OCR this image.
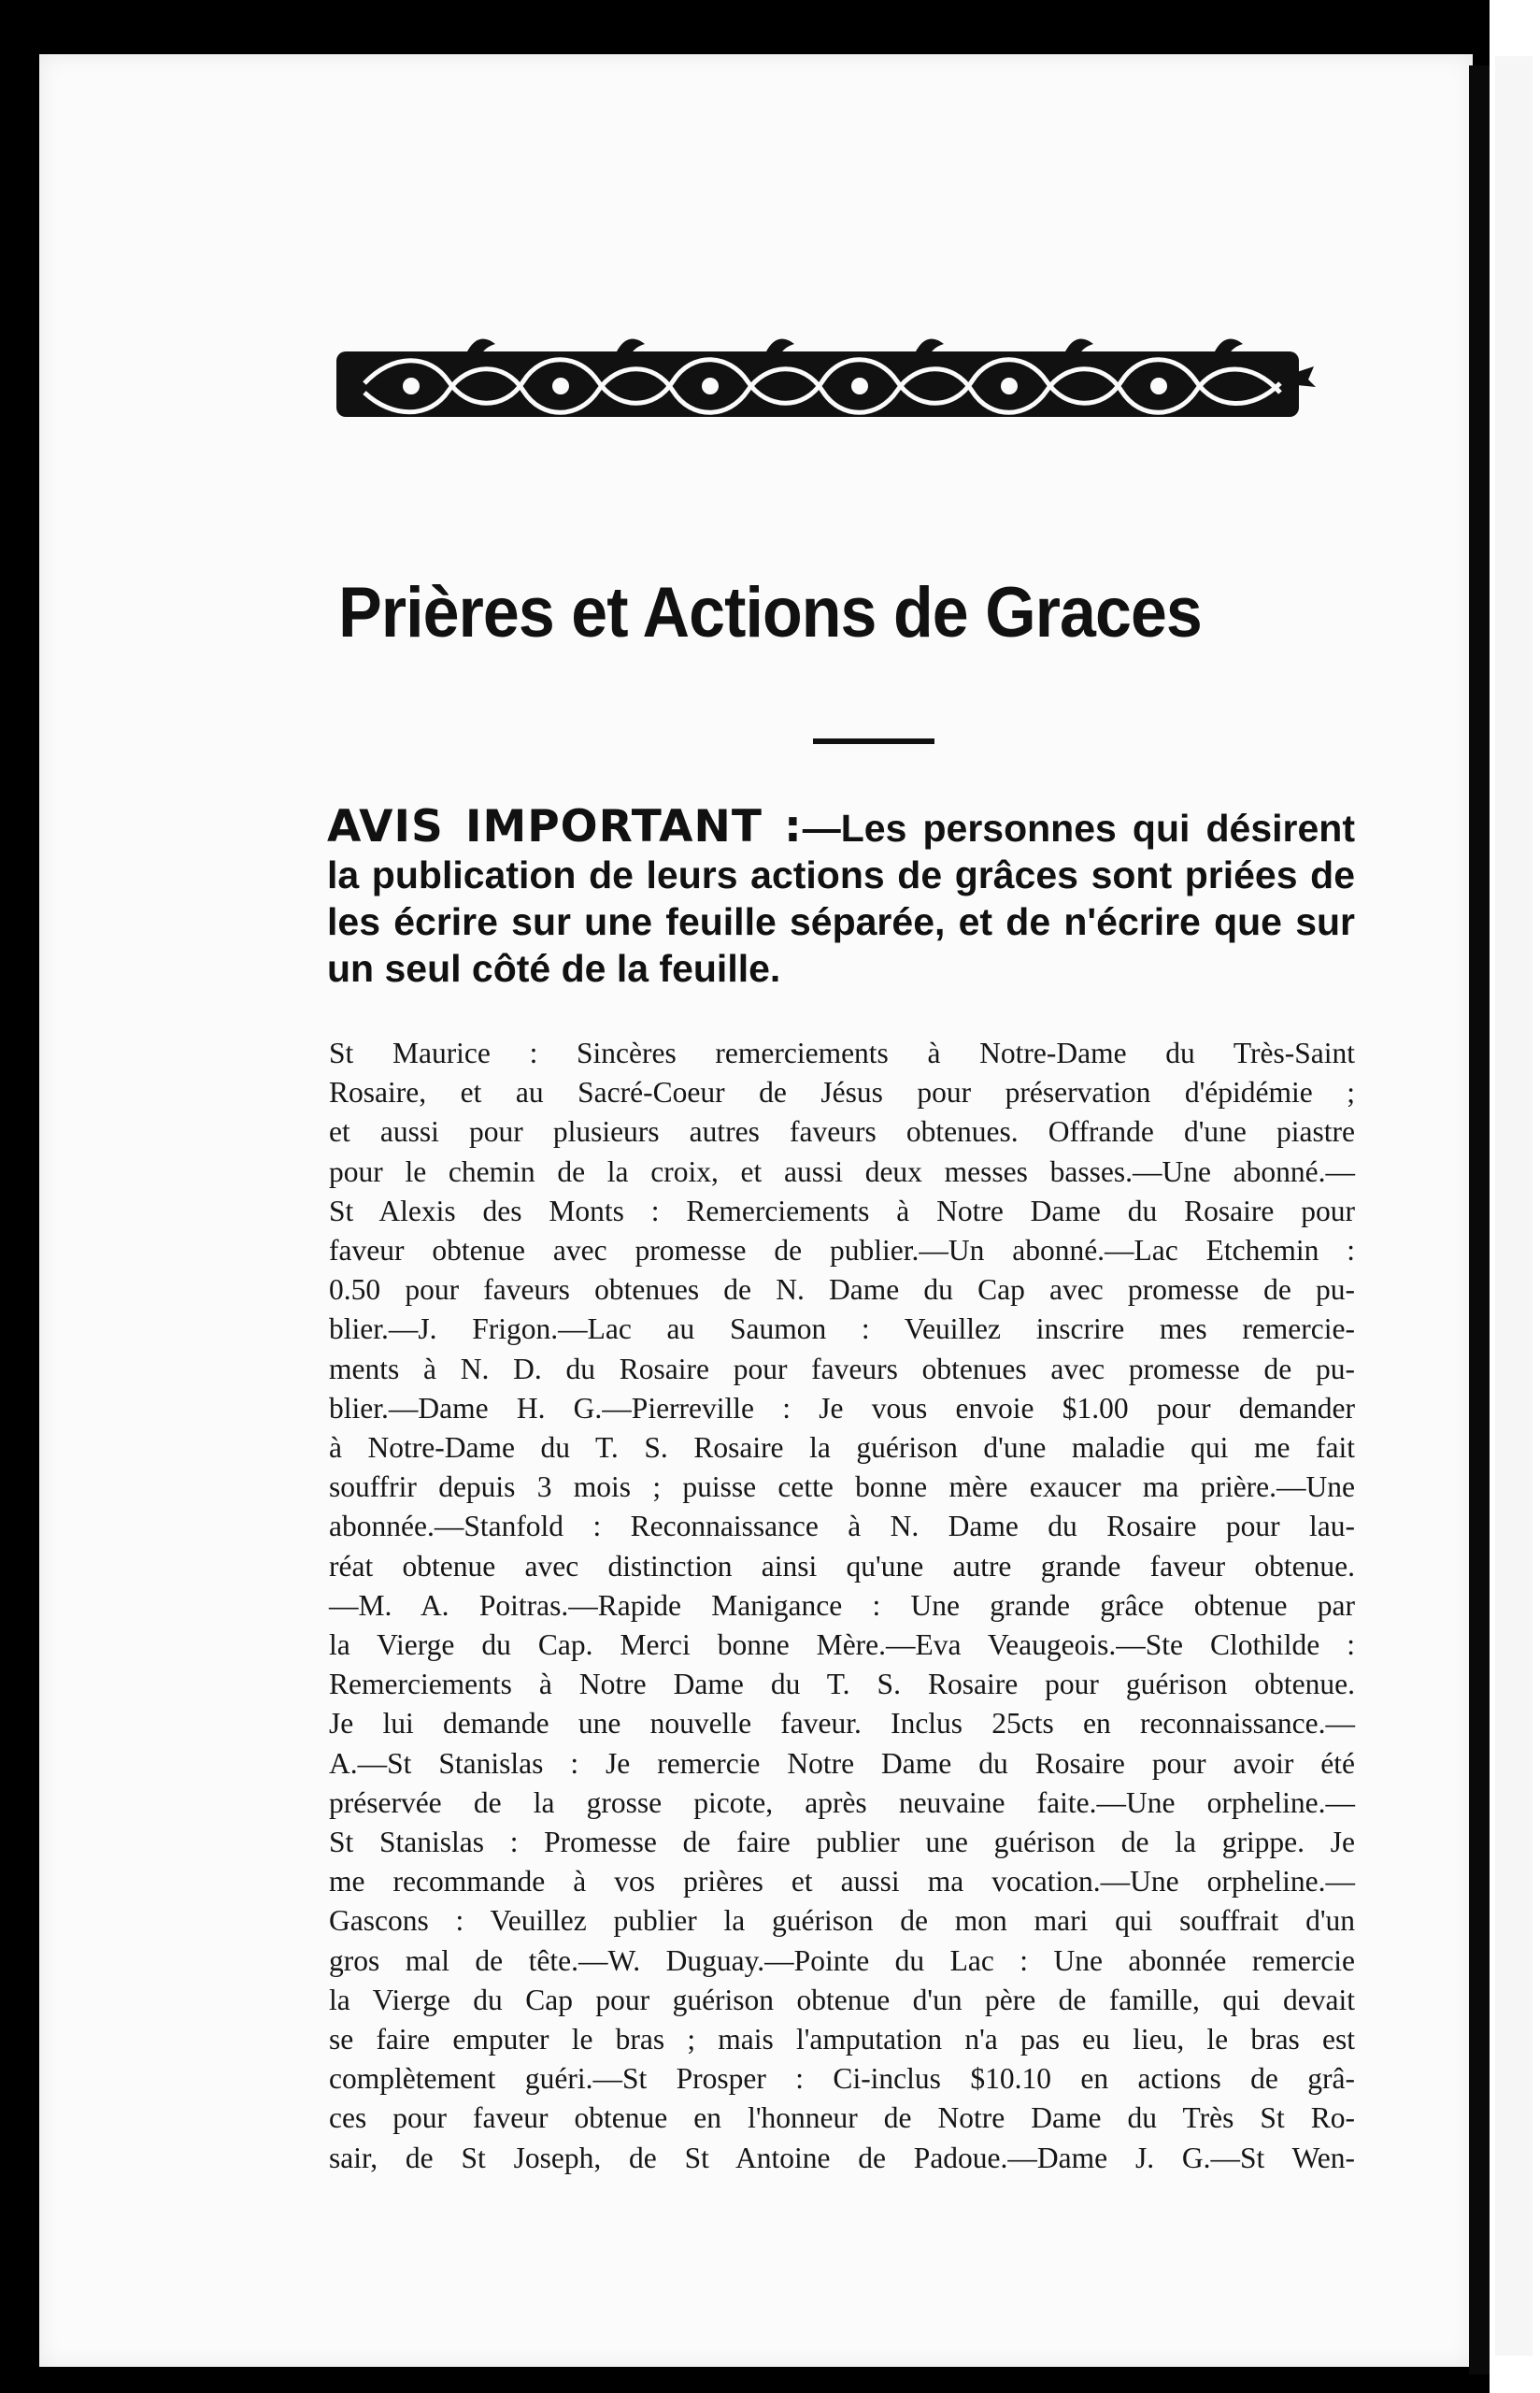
Prières et Actions de Graces
AVIS IMPORTANT :—Les personnes qui désirent la publication de leurs actions de grâces sont priées de les écrire sur une feuille séparée, et de n'écrire que sur un seul côté de la feuille.
St Maurice : Sincères remerciements à Notre-Dame du Très-Saint
Rosaire, et au Sacré-Coeur de Jésus pour préservation d'épidémie ;
et aussi pour plusieurs autres faveurs obtenues. Offrande d'une piastre
pour le chemin de la croix, et aussi deux messes basses.—Une abonné.—
St Alexis des Monts : Remerciements à Notre Dame du Rosaire pour
faveur obtenue avec promesse de publier.—Un abonné.—Lac Etchemin :
0.50 pour faveurs obtenues de N. Dame du Cap avec promesse de pu-
blier.—J. Frigon.—Lac au Saumon : Veuillez inscrire mes remercie-
ments à N. D. du Rosaire pour faveurs obtenues avec promesse de pu-
blier.—Dame H. G.—Pierreville : Je vous envoie $1.00 pour demander
à Notre-Dame du T. S. Rosaire la guérison d'une maladie qui me fait
souffrir depuis 3 mois ; puisse cette bonne mère exaucer ma prière.—Une
abonnée.—Stanfold : Reconnaissance à N. Dame du Rosaire pour lau-
réat obtenue avec distinction ainsi qu'une autre grande faveur obtenue.
—M. A. Poitras.—Rapide Manigance : Une grande grâce obtenue par
la Vierge du Cap. Merci bonne Mère.—Eva Veaugeois.—Ste Clothilde :
Remerciements à Notre Dame du T. S. Rosaire pour guérison obtenue.
Je lui demande une nouvelle faveur. Inclus 25cts en reconnaissance.—
A.—St Stanislas : Je remercie Notre Dame du Rosaire pour avoir été
préservée de la grosse picote, après neuvaine faite.—Une orpheline.—
St Stanislas : Promesse de faire publier une guérison de la grippe. Je
me recommande à vos prières et aussi ma vocation.—Une orpheline.—
Gascons : Veuillez publier la guérison de mon mari qui souffrait d'un
gros mal de tête.—W. Duguay.—Pointe du Lac : Une abonnée remercie
la Vierge du Cap pour guérison obtenue d'un père de famille, qui devait
se faire emputer le bras ; mais l'amputation n'a pas eu lieu, le bras est
complètement guéri.—St Prosper : Ci-inclus $10.10 en actions de grâ-
ces pour faveur obtenue en l'honneur de Notre Dame du Très St Ro-
sair, de St Joseph, de St Antoine de Padoue.—Dame J. G.—St Wen-
